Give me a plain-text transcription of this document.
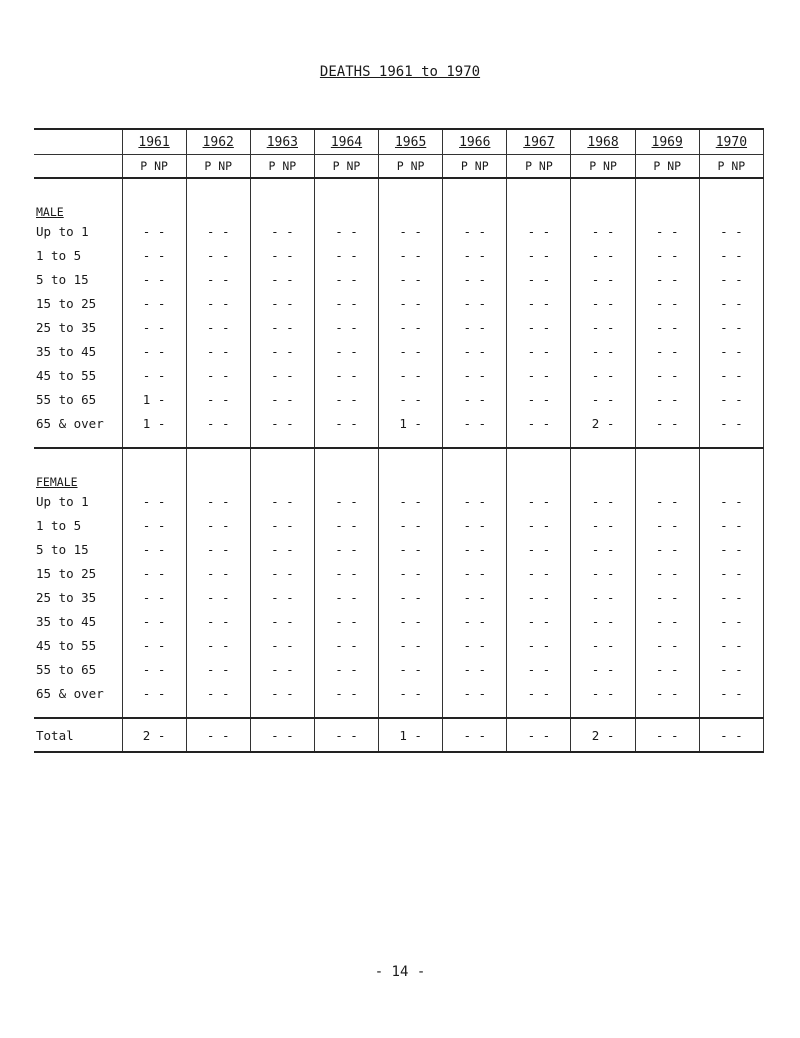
DEATHS 1961 to 1970
	1961	1962	1963	1964	1965	1966	1967	1968	1969	1970
	P NP	P NP	P NP	P NP	P NP	P NP	P NP	P NP	P NP	P NP
MALE										
Up to 1	- -	- -	- -	- -	- -	- -	- -	- -	- -	- -
1 to 5	- -	- -	- -	- -	- -	- -	- -	- -	- -	- -
5 to 15	- -	- -	- -	- -	- -	- -	- -	- -	- -	- -
15 to 25	- -	- -	- -	- -	- -	- -	- -	- -	- -	- -
25 to 35	- -	- -	- -	- -	- -	- -	- -	- -	- -	- -
35 to 45	- -	- -	- -	- -	- -	- -	- -	- -	- -	- -
45 to 55	- -	- -	- -	- -	- -	- -	- -	- -	- -	- -
55 to 65	1 -	- -	- -	- -	- -	- -	- -	- -	- -	- -
65 & over	1 -	- -	- -	- -	1 -	- -	- -	2 -	- -	- -

FEMALE										
Up to 1	- -	- -	- -	- -	- -	- -	- -	- -	- -	- -
1 to 5	- -	- -	- -	- -	- -	- -	- -	- -	- -	- -
5 to 15	- -	- -	- -	- -	- -	- -	- -	- -	- -	- -
15 to 25	- -	- -	- -	- -	- -	- -	- -	- -	- -	- -
25 to 35	- -	- -	- -	- -	- -	- -	- -	- -	- -	- -
35 to 45	- -	- -	- -	- -	- -	- -	- -	- -	- -	- -
45 to 55	- -	- -	- -	- -	- -	- -	- -	- -	- -	- -
55 to 65	- -	- -	- -	- -	- -	- -	- -	- -	- -	- -
65 & over	- -	- -	- -	- -	- -	- -	- -	- -	- -	- -

Total	2 -	- -	- -	- -	1 -	- -	- -	2 -	- -	- -
- 14 -
